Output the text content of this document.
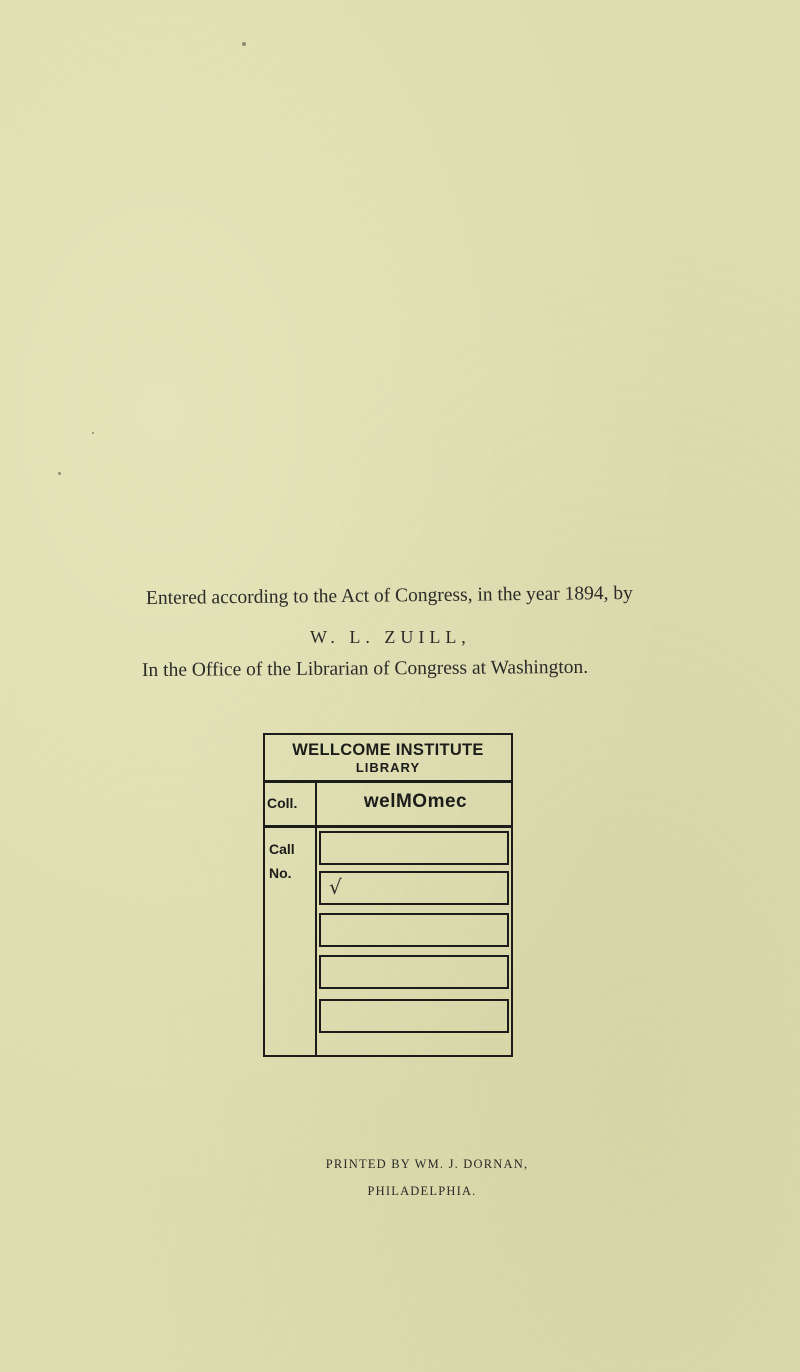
Entered according to the Act of Congress, in the year 1894, by
W. L. ZUILL,
In the Office of the Librarian of Congress at Washington.
WELLCOME INSTITUTE
LIBRARY
Coll.	welMOmec
Call
No.
√
PRINTED BY WM. J. DORNAN,
PHILADELPHIA.
